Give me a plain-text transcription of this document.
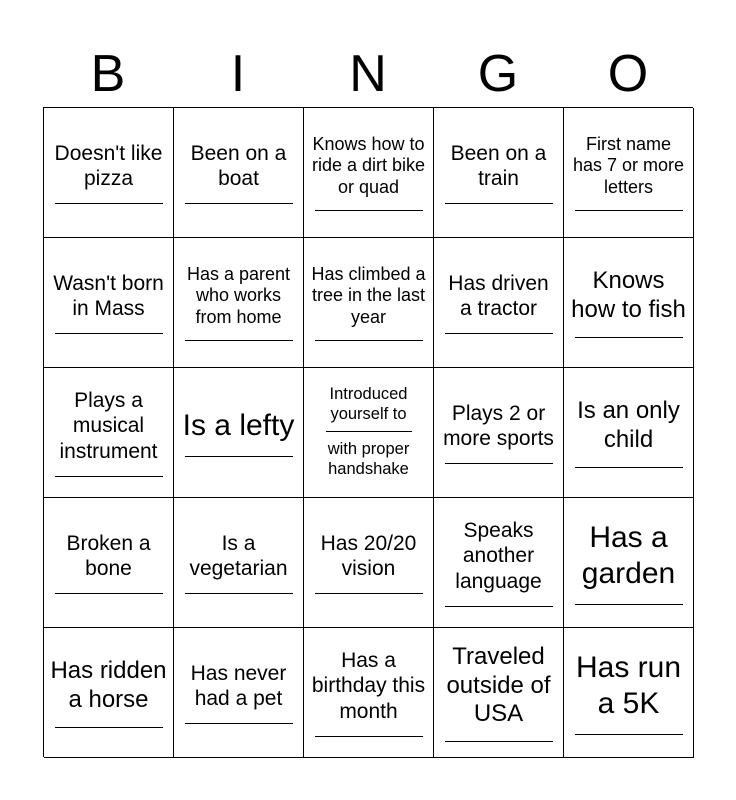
B	I	N	G	O
Doesn't like pizza
Been on a boat
Knows how to ride a dirt bike or quad
Been on a train
First name has 7 or more letters
Wasn't born in Mass
Has a parent who works from home
Has climbed a tree in the last year
Has driven a tractor
Knows how to fish
Plays a musical instrument
Is a lefty
Introduced yourself to
with proper handshake
Plays 2 or more sports
Is an only child
Broken a bone
Is a vegetarian
Has 20/20 vision
Speaks another language
Has a garden
Has ridden a horse
Has never had a pet
Has a birthday this month
Traveled outside of USA
Has run a 5K
